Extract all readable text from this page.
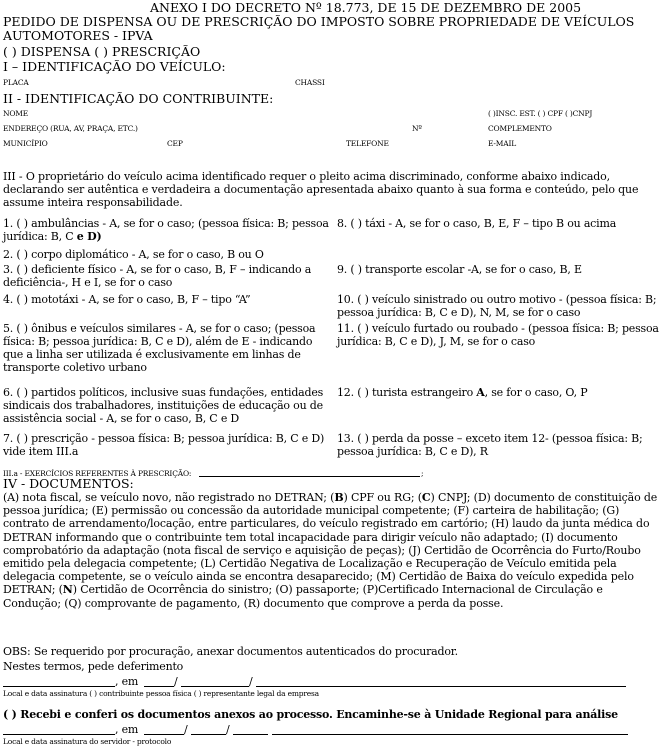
ANEXO I DO DECRETO Nº 18.773, DE 15 DE DEZEMBRO DE 2005
PEDIDO DE DISPENSA OU DE PRESCRIÇÃO DO IMPOSTO SOBRE PROPRIEDADE DE VEÍCULOS
AUTOMOTORES - IPVA
( ) DISPENSA ( ) PRESCRIÇÃO
I – IDENTIFICAÇÃO DO VEÍCULO:
PLACA	CHASSI
II - IDENTIFICAÇÃO DO CONTRIBUINTE:
NOME	( )INSC. EST. ( ) CPF ( )CNPJ
ENDEREÇO (RUA, AV, PRAÇA, ETC.)	Nº	COMPLEMENTO
MUNICÍPIO	CEP	TELEFONE	E-MAIL
III - O proprietário do veículo acima identificado requer o pleito acima discriminado, conforme abaixo indicado, declarando ser autêntica e verdadeira a documentação apresentada abaixo quanto à sua forma e conteúdo, pelo que assume inteira responsabilidade.
1. ( ) ambulâncias - A, se for o caso; (pessoa física: B; pessoa jurídica: B, C e D)
2. ( ) corpo diplomático - A, se for o caso, B ou O
3. ( ) deficiente físico - A, se for o caso, B, F – indicando a deficiência-, H e I, se for o caso
4. ( ) mototáxi - A, se for o caso, B, F – tipo “A”
5. ( ) ônibus e veículos similares - A, se for o caso; (pessoa física: B; pessoa jurídica: B, C e D), além de E - indicando que a linha ser utilizada é exclusivamente em linhas de transporte coletivo urbano
6. ( ) partidos políticos, inclusive suas fundações, entidades sindicais dos trabalhadores, instituições de educação ou de assistência social - A, se for o caso, B, C e D
7. ( ) prescrição - pessoa física: B; pessoa jurídica: B, C e D) vide item III.a
8. ( ) táxi - A, se for o caso, B, E, F – tipo B ou acima
9. ( ) transporte escolar -A, se for o caso, B, E
10. ( ) veículo sinistrado ou outro motivo - (pessoa física: B; pessoa jurídica: B, C e D), N, M, se for o caso
11. ( ) veículo furtado ou roubado - (pessoa física: B; pessoa jurídica: B, C e D), J, M, se for o caso
12. ( ) turista estrangeiro A, se for o caso, O, P
13. ( ) perda da posse – exceto item 12- (pessoa física: B; pessoa jurídica: B, C e D), R
III.a - EXERCÍCIOS REFERENTES À PRESCRIÇÃO:	;
IV - DOCUMENTOS:
(A) nota fiscal, se veículo novo, não registrado no DETRAN; (B) CPF ou RG; (C) CNPJ; (D) documento de constituição de pessoa jurídica; (E) permissão ou concessão da autoridade municipal competente; (F) carteira de habilitação; (G) contrato de arrendamento/locação, entre particulares, do veículo registrado em cartório; (H) laudo da junta médica do DETRAN informando que o contribuinte tem total incapacidade para dirigir veículo não adaptado; (I) documento comprobatório da adaptação (nota fiscal de serviço e aquisição de peças); (J) Certidão de Ocorrência do Furto/Roubo emitido pela delegacia competente; (L) Certidão Negativa de Localização e Recuperação de Veículo emitida pela delegacia competente, se o veículo ainda se encontra desaparecido; (M) Certidão de Baixa do veículo expedida pelo DETRAN; (N) Certidão de Ocorrência do sinistro; (O) passaporte; (P)Certificado Internacional de Circulação e Condução; (Q) comprovante de pagamento, (R) documento que comprove a perda da posse.
OBS: Se requerido por procuração, anexar documentos autenticados do procurador.
Nestes termos, pede deferimento
, em	/	/
Local e data assinatura ( ) contribuinte pessoa física ( ) representante legal da empresa
( ) Recebi e conferi os documentos anexos ao processo. Encaminhe-se à Unidade Regional para análise
, em	/	/
Local e data assinatura do servidor - protocolo
